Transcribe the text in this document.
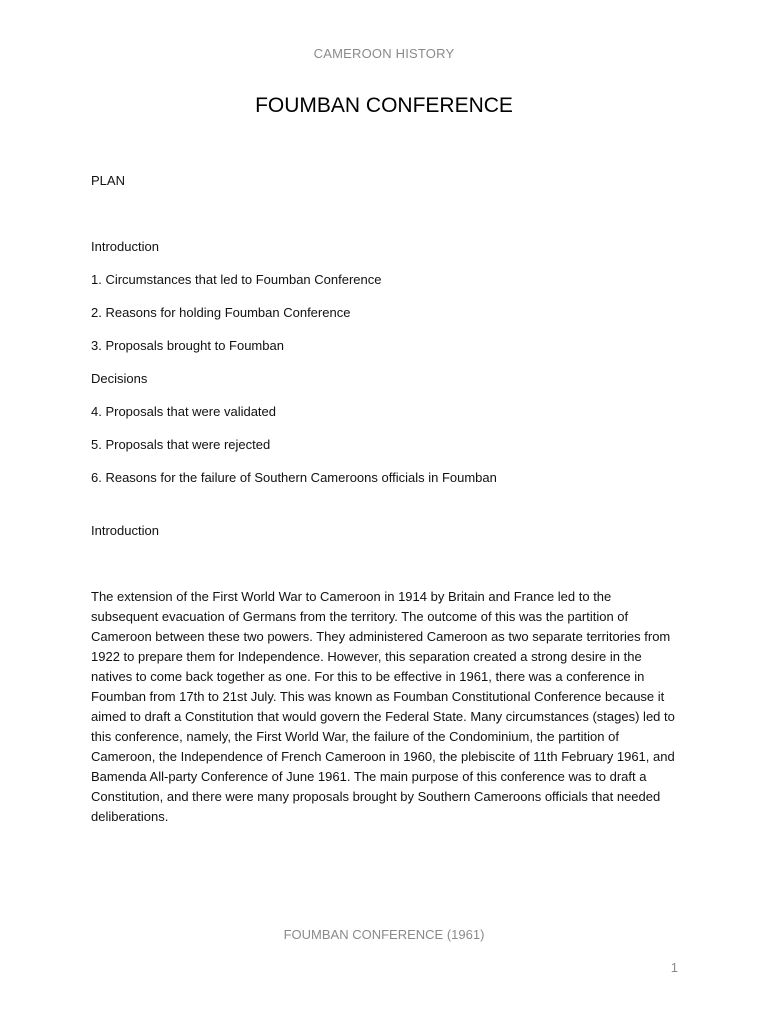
CAMEROON HISTORY
FOUMBAN CONFERENCE

PLAN

Introduction

1. Circumstances that led to Foumban Conference

2. Reasons for holding Foumban Conference

3. Proposals brought to Foumban

Decisions

4. Proposals that were validated

5. Proposals that were rejected

6. Reasons for the failure of Southern Cameroons officials in Foumban

Introduction

The extension of the First World War to Cameroon in 1914 by Britain and France led to the subsequent evacuation of Germans from the territory. The outcome of this was the partition of Cameroon between these two powers. They administered Cameroon as two separate territories from 1922 to prepare them for Independence. However, this separation created a strong desire in the natives to come back together as one. For this to be effective in 1961, there was a conference in Foumban from 17th to 21st July. This was known as Foumban Constitutional Conference because it aimed to draft a Constitution that would govern the Federal State. Many circumstances (stages) led to this conference, namely, the First World War, the failure of the Condominium, the partition of Cameroon, the Independence of French Cameroon in 1960, the plebiscite of 11th February 1961, and Bamenda All-party Conference of June 1961. The main purpose of this conference was to draft a Constitution, and there were many proposals brought by Southern Cameroons officials that needed deliberations.

FOUMBAN CONFERENCE (1961)
1
